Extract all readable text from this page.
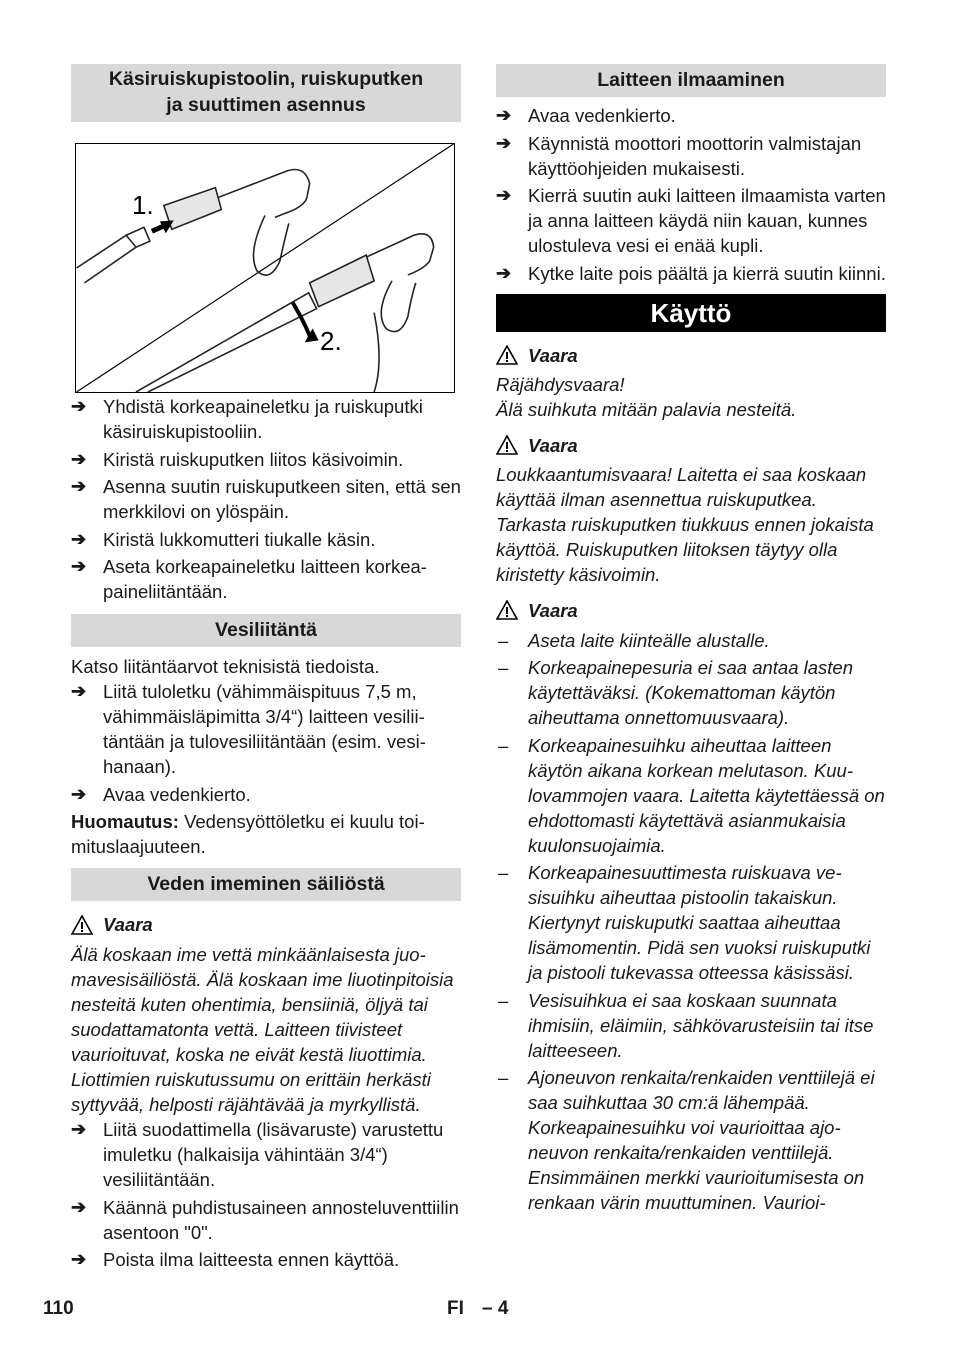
Käsiruiskupistoolin, ruiskuputken
ja suuttimen asennus
1.
2.
➔ Yhdistä korkeapaineletku ja ruiskuputki käsiruiskupistooliin.
➔ Kiristä ruiskuputken liitos käsivoimin.
➔ Asenna suutin ruiskuputkeen siten, että sen merkkilovi on ylöspäin.
➔ Kiristä lukkomutteri tiukalle käsin.
➔ Aseta korkeapaineletku laitteen korkeapaineliitäntään.
Vesiliitäntä

Katso liitäntäarvot teknisistä tiedoista.

➔ Liitä tuloletku (vähimmäispituus 7,5 m, vähimmäisläpimitta 3/4“) laitteen vesiliitäntään ja tulovesiliitäntään (esim. vesihanaan).
➔ Avaa vedenkierto.

Huomautus: Vedensyöttöletku ei kuulu toimituslaajuuteen.

Veden imeminen säiliöstä
Vaara

Älä koskaan ime vettä minkäänlaisesta juomavesisäiliöstä. Älä koskaan ime liuotinpitoisia nesteitä kuten ohentimia, bensiiniä, öljyä tai suodattamatonta vettä. Laitteen tiivisteet vaurioituvat, koska ne eivät kestä liuottimia. Liottimien ruiskutussumu on erittäin herkästi syttyvää, helposti räjähtävää ja myrkyllistä.

➔ Liitä suodattimella (lisävaruste) varustettu imuletku (halkaisija vähintään 3/4“) vesiliitäntään.
➔ Käännä puhdistusaineen annosteluventtiilin asentoon "0".
➔ Poista ilma laitteesta ennen käyttöä.
Laitteen ilmaaminen
➔ Avaa vedenkierto.
➔ Käynnistä moottori moottorin valmistajan käyttöohjeiden mukaisesti.
➔ Kierrä suutin auki laitteen ilmaamista varten ja anna laitteen käydä niin kauan, kunnes ulostuleva vesi ei enää kupli.
➔ Kytke laite pois päältä ja kierrä suutin kiinni.
Käyttö
Vaara

Räjähdysvaara!

Älä suihkuta mitään palavia nesteitä.

Vaara

Loukkaantumisvaara! Laitetta ei saa koskaan käyttää ilman asennettua ruiskuputkea. Tarkasta ruiskuputken tiukkuus ennen jokaista käyttöä. Ruiskuputken liitoksen täytyy olla kiristetty käsivoimin.

Vaara
– Aseta laite kiinteälle alustalle.
– Korkeapainepesuria ei saa antaa lasten käytettäväksi. (Kokemattoman käytön aiheuttama onnettomuusvaara).
– Korkeapainesuihku aiheuttaa laitteen käytön aikana korkean melutason. Kuulovammojen vaara. Laitetta käytettäessä on ehdottomasti käytettävä asianmukaisia kuulonsuojaimia.
– Korkeapainesuuttimesta ruiskuava vesisuihku aiheuttaa pistoolin takaiskun. Kiertynyt ruiskuputki saattaa aiheuttaa lisämomentin. Pidä sen vuoksi ruiskuputki ja pistooli tukevassa otteessa käsissäsi.
– Vesisuihkua ei saa koskaan suunnata ihmisiin, eläimiin, sähkövarusteisiin tai itse laitteeseen.
– Ajoneuvon renkaita/renkaiden venttiilejä ei saa suihkuttaa 30 cm:ä lähempää. Korkeapainesuihku voi vaurioittaa ajoneuvon renkaita/renkaiden venttiilejä. Ensimmäinen merkki vaurioitumisesta on renkaan värin muuttuminen. Vaurioi-
110	FI – 4
